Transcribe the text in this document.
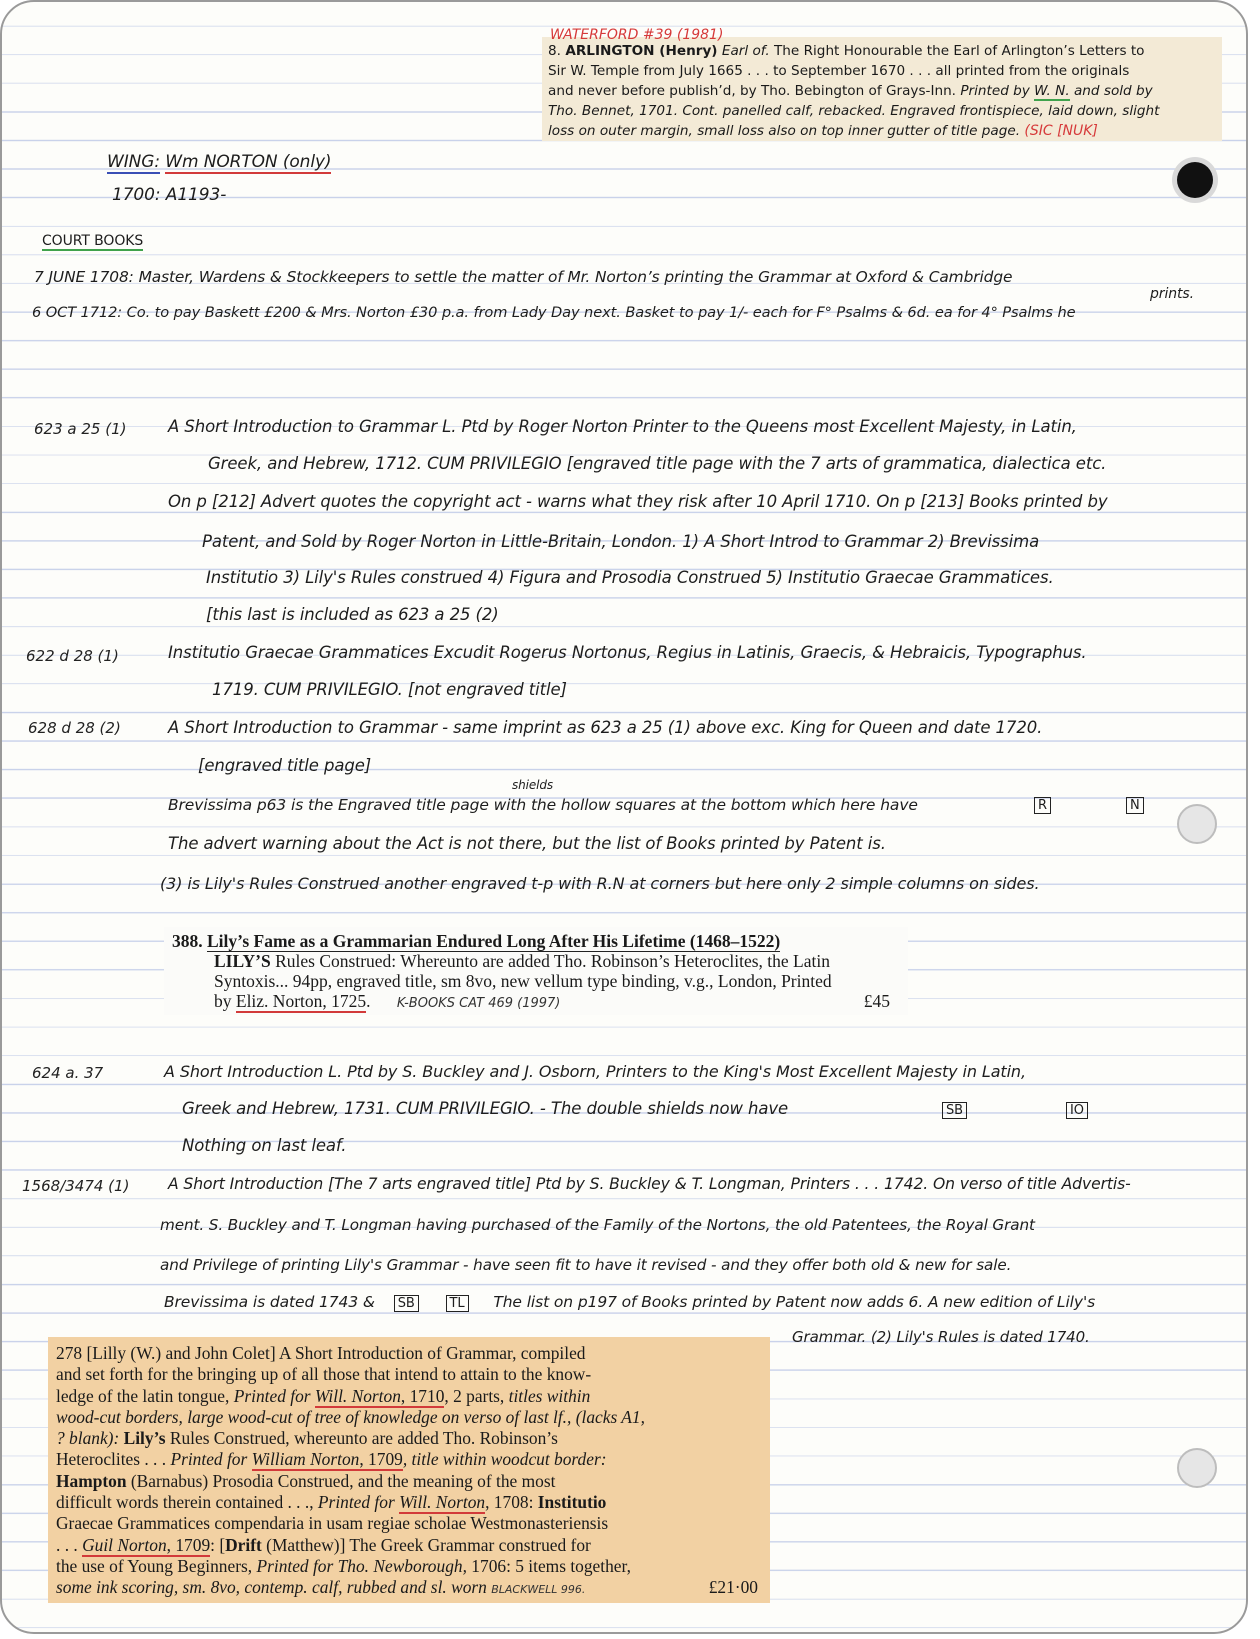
WATERFORD #39 (1981)
8. ARLINGTON (Henry) Earl of. The Right Honourable the Earl of Arlington’s Letters to
Sir W. Temple from July 1665 . . . to September 1670 . . . all printed from the originals
and never before publish’d, by Tho. Bebington of Grays-Inn. Printed by W. N. and sold by
Tho. Bennet, 1701. Cont. panelled calf, rebacked. Engraved frontispiece, laid down, slight
loss on outer margin, small loss also on top inner gutter of title page. (SIC [NUK]
WING: Wm NORTON (only)
1700: A1193-
COURT BOOKS
7 JUNE 1708: Master, Wardens & Stockkeepers to settle the matter of Mr. Norton’s printing the Grammar at Oxford & Cambridge
prints.
6 OCT 1712: Co. to pay Baskett £200 & Mrs. Norton £30 p.a. from Lady Day next. Basket to pay 1/- each for F° Psalms & 6d. ea for 4° Psalms he
623 a 25 (1)	A Short Introduction to Grammar L. Ptd by Roger Norton Printer to the Queens most Excellent Majesty, in Latin,
Greek, and Hebrew, 1712. CUM PRIVILEGIO [engraved title page with the 7 arts of grammatica, dialectica etc.
On p [212] Advert quotes the copyright act - warns what they risk after 10 April 1710. On p [213] Books printed by
Patent, and Sold by Roger Norton in Little-Britain, London. 1) A Short Introd to Grammar 2) Brevissima
Institutio 3) Lily's Rules construed 4) Figura and Prosodia Construed 5) Institutio Graecae Grammatices.
[this last is included as 623 a 25 (2)
622 d 28 (1)	Institutio Graecae Grammatices Excudit Rogerus Nortonus, Regius in Latinis, Graecis, & Hebraicis, Typographus.
1719. CUM PRIVILEGIO. [not engraved title]
628 d 28 (2)	A Short Introduction to Grammar - same imprint as 623 a 25 (1) above exc. King for Queen and date 1720.
[engraved title page]
shields
Brevissima p63 is the Engraved title page with the hollow squares at the bottom which here have	R	N
The advert warning about the Act is not there, but the list of Books printed by Patent is.
(3) is Lily's Rules Construed another engraved t-p with R.N at corners but here only 2 simple columns on sides.
388. Lily’s Fame as a Grammarian Endured Long After His Lifetime (1468–1522)
LILY’S Rules Construed: Whereunto are added Tho. Robinson’s Heteroclites, the Latin
Syntoxis... 94pp, engraved title, sm 8vo, new vellum type binding, v.g., London, Printed
by Eliz. Norton, 1725. K-BOOKS CAT 469 (1997)	£45
624 a. 37	A Short Introduction L. Ptd by S. Buckley and J. Osborn, Printers to the King's Most Excellent Majesty in Latin,
Greek and Hebrew, 1731. CUM PRIVILEGIO. - The double shields now have	SB	IO
Nothing on last leaf.
1568/3474 (1) A Short Introduction [The 7 arts engraved title] Ptd by S. Buckley & T. Longman, Printers . . . 1742. On verso of title Advertis-
ment. S. Buckley and T. Longman having purchased of the Family of the Nortons, the old Patentees, the Royal Grant
and Privilege of printing Lily's Grammar - have seen fit to have it revised - and they offer both old & new for sale.
Brevissima is dated 1743 & SB	TL The list on p197 of Books printed by Patent now adds 6. A new edition of Lily's
Grammar. (2) Lily's Rules is dated 1740.
278 [Lilly (W.) and John Colet] A Short Introduction of Grammar, compiled
and set forth for the bringing up of all those that intend to attain to the know-
ledge of the latin tongue, Printed for Will. Norton, 1710, 2 parts, titles within
wood-cut borders, large wood-cut of tree of knowledge on verso of last lf., (lacks A1,
? blank): Lily’s Rules Construed, whereunto are added Tho. Robinson’s
Heteroclites . . . Printed for William Norton, 1709, title within woodcut border:
Hampton (Barnabus) Prosodia Construed, and the meaning of the most
difficult words therein contained . . ., Printed for Will. Norton, 1708: Institutio
Graecae Grammatices compendaria in usam regiae scholae Westmonasteriensis
. . . Guil Norton, 1709: [Drift (Matthew)] The Greek Grammar construed for
the use of Young Beginners, Printed for Tho. Newborough, 1706: 5 items together,
some ink scoring, sm. 8vo, contemp. calf, rubbed and sl. worn BLACKWELL 996.	£21·00
